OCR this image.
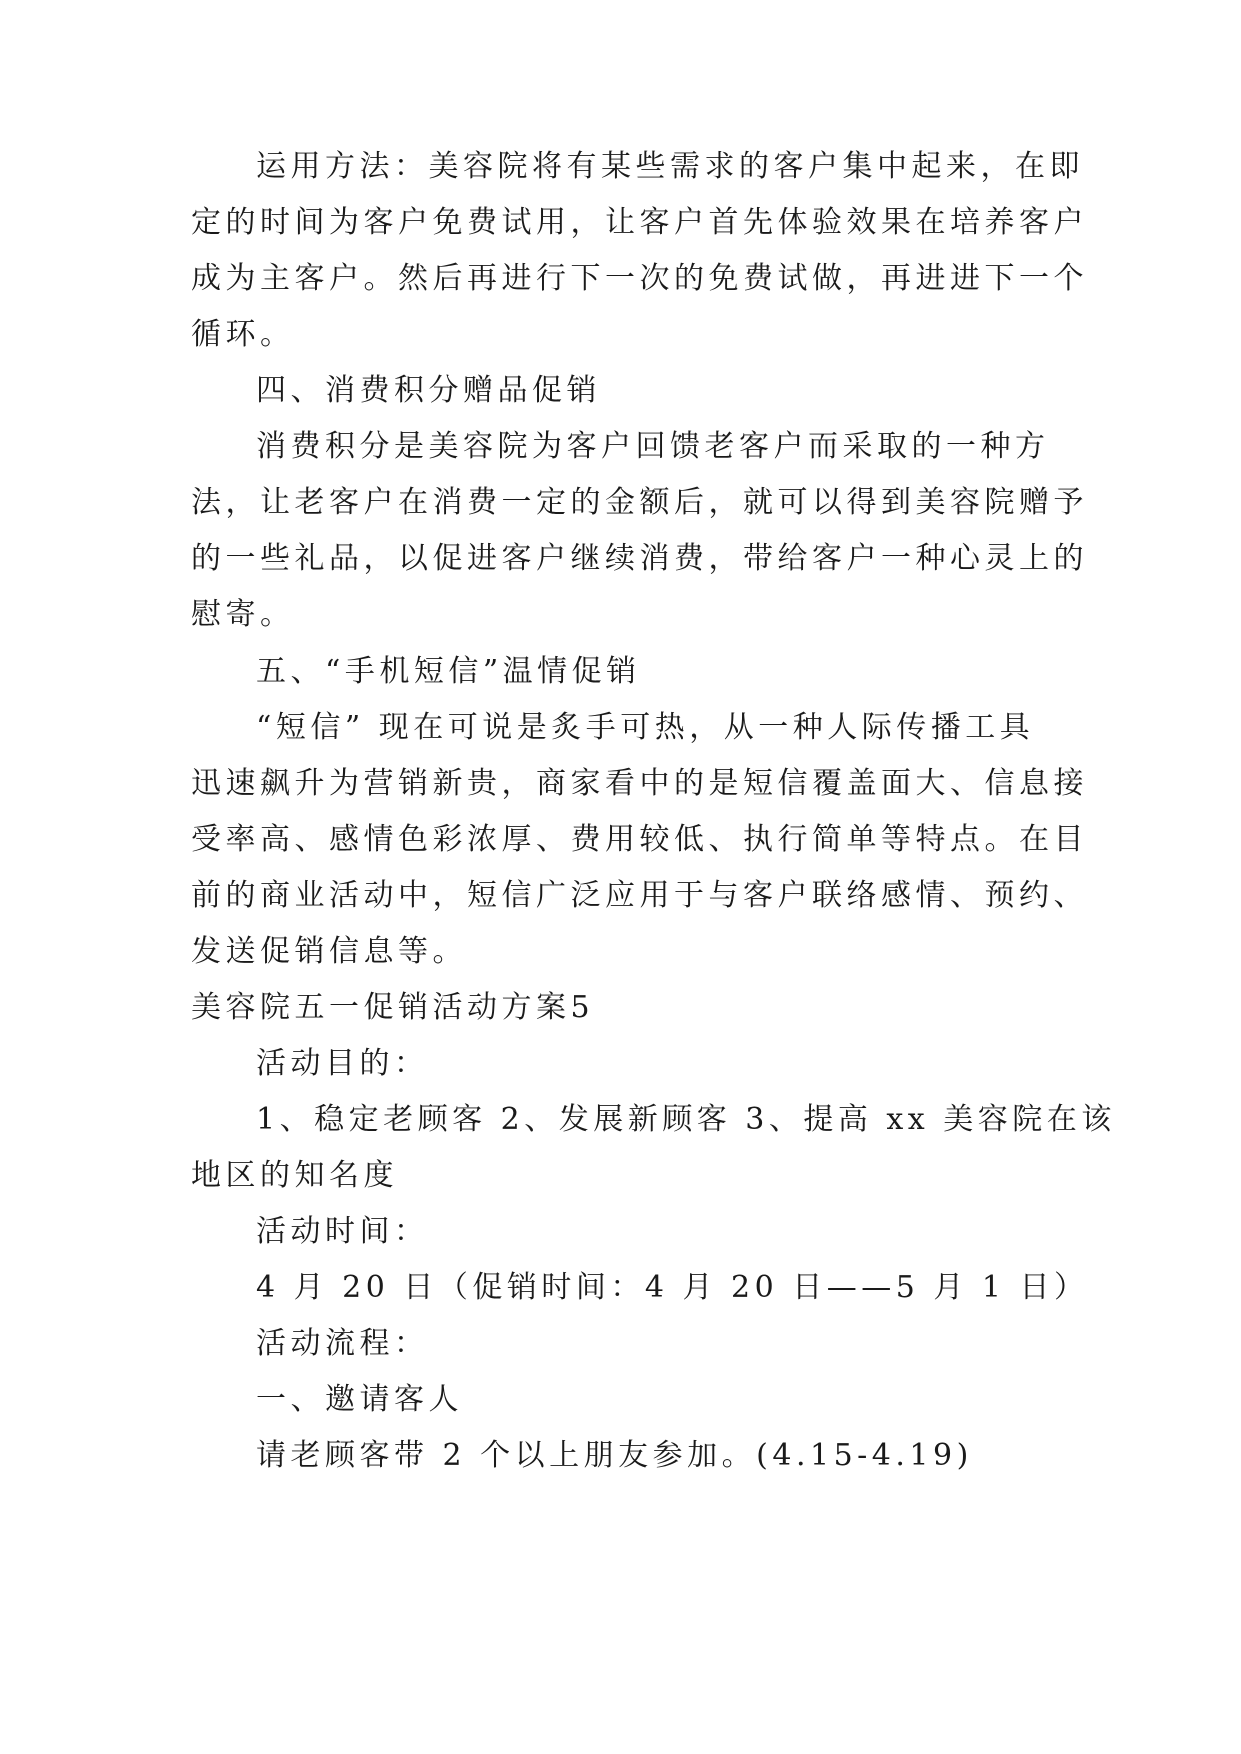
运用方法：美容院将有某些需求的客户集中起来，在即
定的时间为客户免费试用，让客户首先体验效果在培养客户
成为主客户。然后再进行下一次的免费试做，再进进下一个
循环。
四、消费积分赠品促销
消费积分是美容院为客户回馈老客户而采取的一种方
法，让老客户在消费一定的金额后，就可以得到美容院赠予
的一些礼品，以促进客户继续消费，带给客户一种心灵上的
慰寄。
五、“手机短信”温情促销
“短信” 现在可说是炙手可热，从一种人际传播工具
迅速飙升为营销新贵，商家看中的是短信覆盖面大、信息接
受率高、感情色彩浓厚、费用较低、执行简单等特点。在目
前的商业活动中，短信广泛应用于与客户联络感情、预约、
发送促销信息等。
美容院五一促销活动方案5
活动目的：
1、稳定老顾客 2、发展新顾客 3、提高 xx 美容院在该
地区的知名度
活动时间：
4 月 20 日（促销时间：4 月 20 日——5 月 1 日）
活动流程：
一、邀请客人
请老顾客带 2 个以上朋友参加。(4.15-4.19)
